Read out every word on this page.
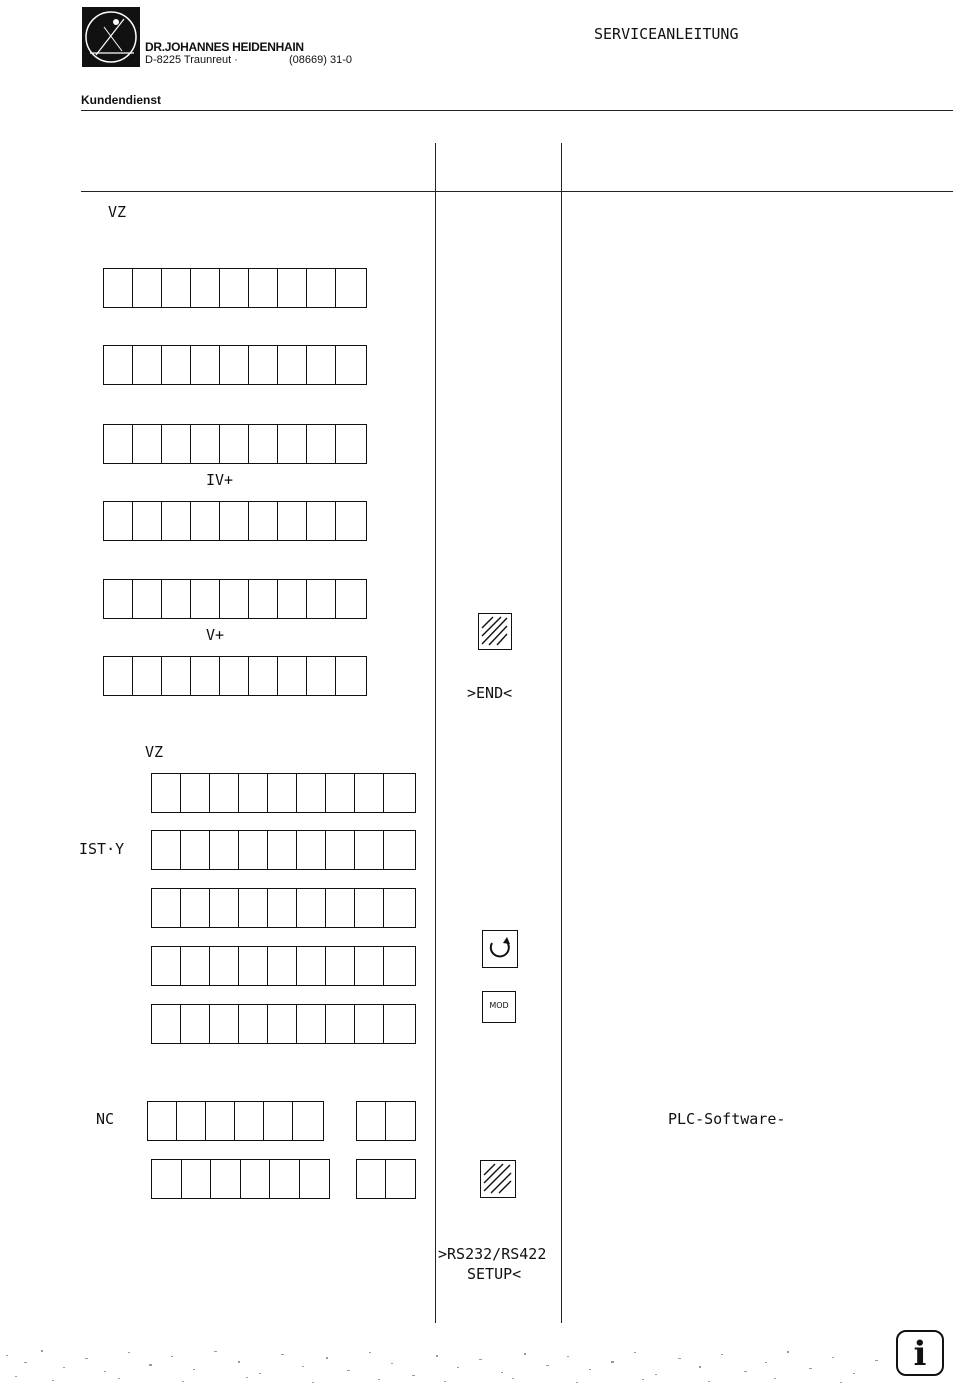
DR.JOHANNES HEIDENHAIN
D-8225 Traunreut ·	(08669) 31-0
SERVICEANLEITUNG
Kundendienst
VZ
IV+
V+
VZ
IST·Y
NC
>END<
MOD
>RS232/RS422
SETUP<
PLC-Software-
i
